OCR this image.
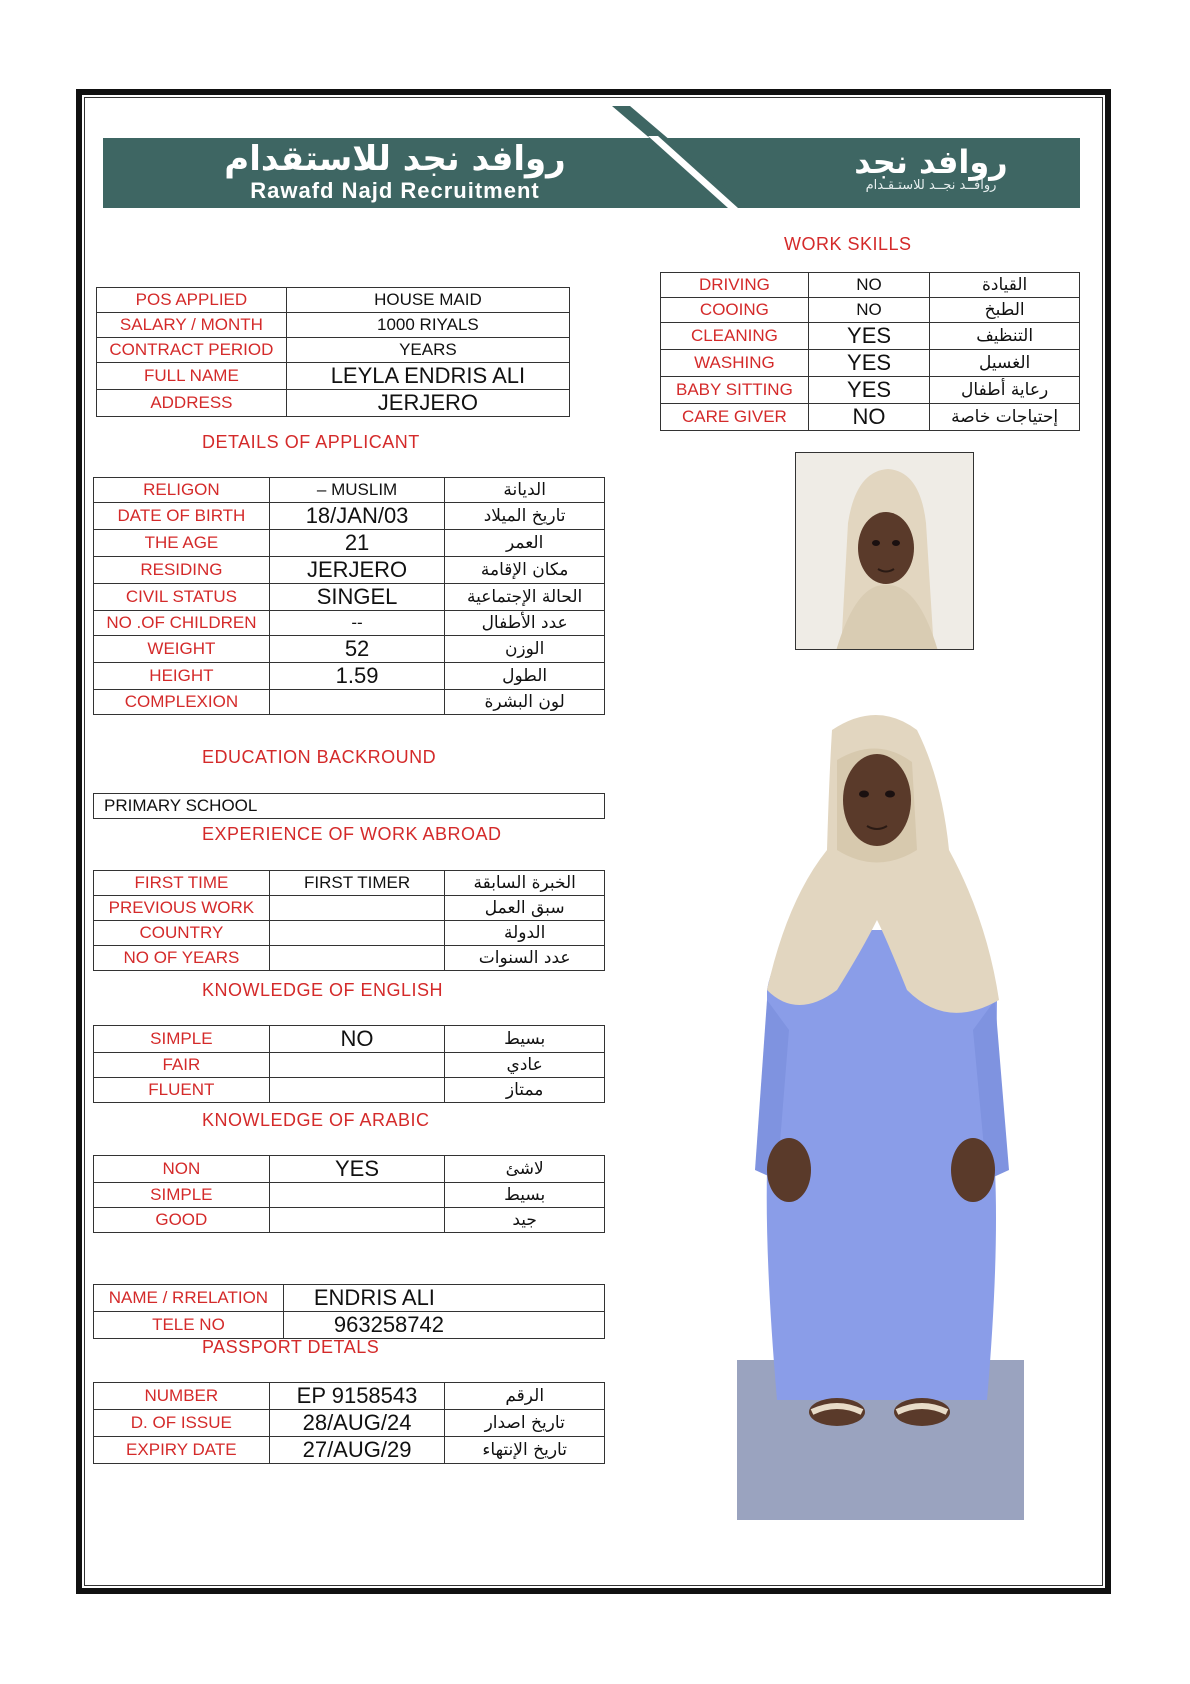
روافد نجد للاستقدام
Rawafd Najd Recruitment
روافد نجد
روافــد نجــد للاستـقـدام
POS APPLIED	HOUSE MAID
SALARY / MONTH	1000 RIYALS
CONTRACT PERIOD	YEARS
FULL NAME	LEYLA ENDRIS ALI
ADDRESS	JERJERO
WORK SKILLS
DRIVING	NO	القيادة
COOING	NO	الطبخ
CLEANING	YES	التنظيف
WASHING	YES	الغسيل
BABY SITTING	YES	رعاية أطفال
CARE GIVER	NO	إحتياجات خاصة
DETAILS OF APPLICANT
RELIGON	– MUSLIM	الديانة
DATE OF BIRTH	18/JAN/03	تاريخ الميلاد
THE AGE	21	العمر
RESIDING	JERJERO	مكان الإقامة
CIVIL STATUS	SINGEL	الحالة الإجتماعية
NO .OF CHILDREN	--	عدد الأطفال
WEIGHT	52	الوزن
HEIGHT	1.59	الطول
COMPLEXION		لون البشرة
EDUCATION BACKROUND
PRIMARY SCHOOL
EXPERIENCE OF WORK ABROAD
FIRST TIME	FIRST TIMER	الخبرة السابقة
PREVIOUS WORK		سبق العمل
COUNTRY		الدولة
NO OF YEARS		عدد السنوات
KNOWLEDGE OF ENGLISH
SIMPLE	NO	بسيط
FAIR		عادي
FLUENT		ممتاز
KNOWLEDGE OF ARABIC
NON	YES	لاشئ
SIMPLE		بسيط
GOOD		جيد
NAME / RRELATION	ENDRIS ALI
TELE NO	963258742
PASSPORT DETALS
NUMBER	EP 9158543	الرقم
D. OF ISSUE	28/AUG/24	تاريخ اصدار
EXPIRY DATE	27/AUG/29	تاريخ الإنتهاء
